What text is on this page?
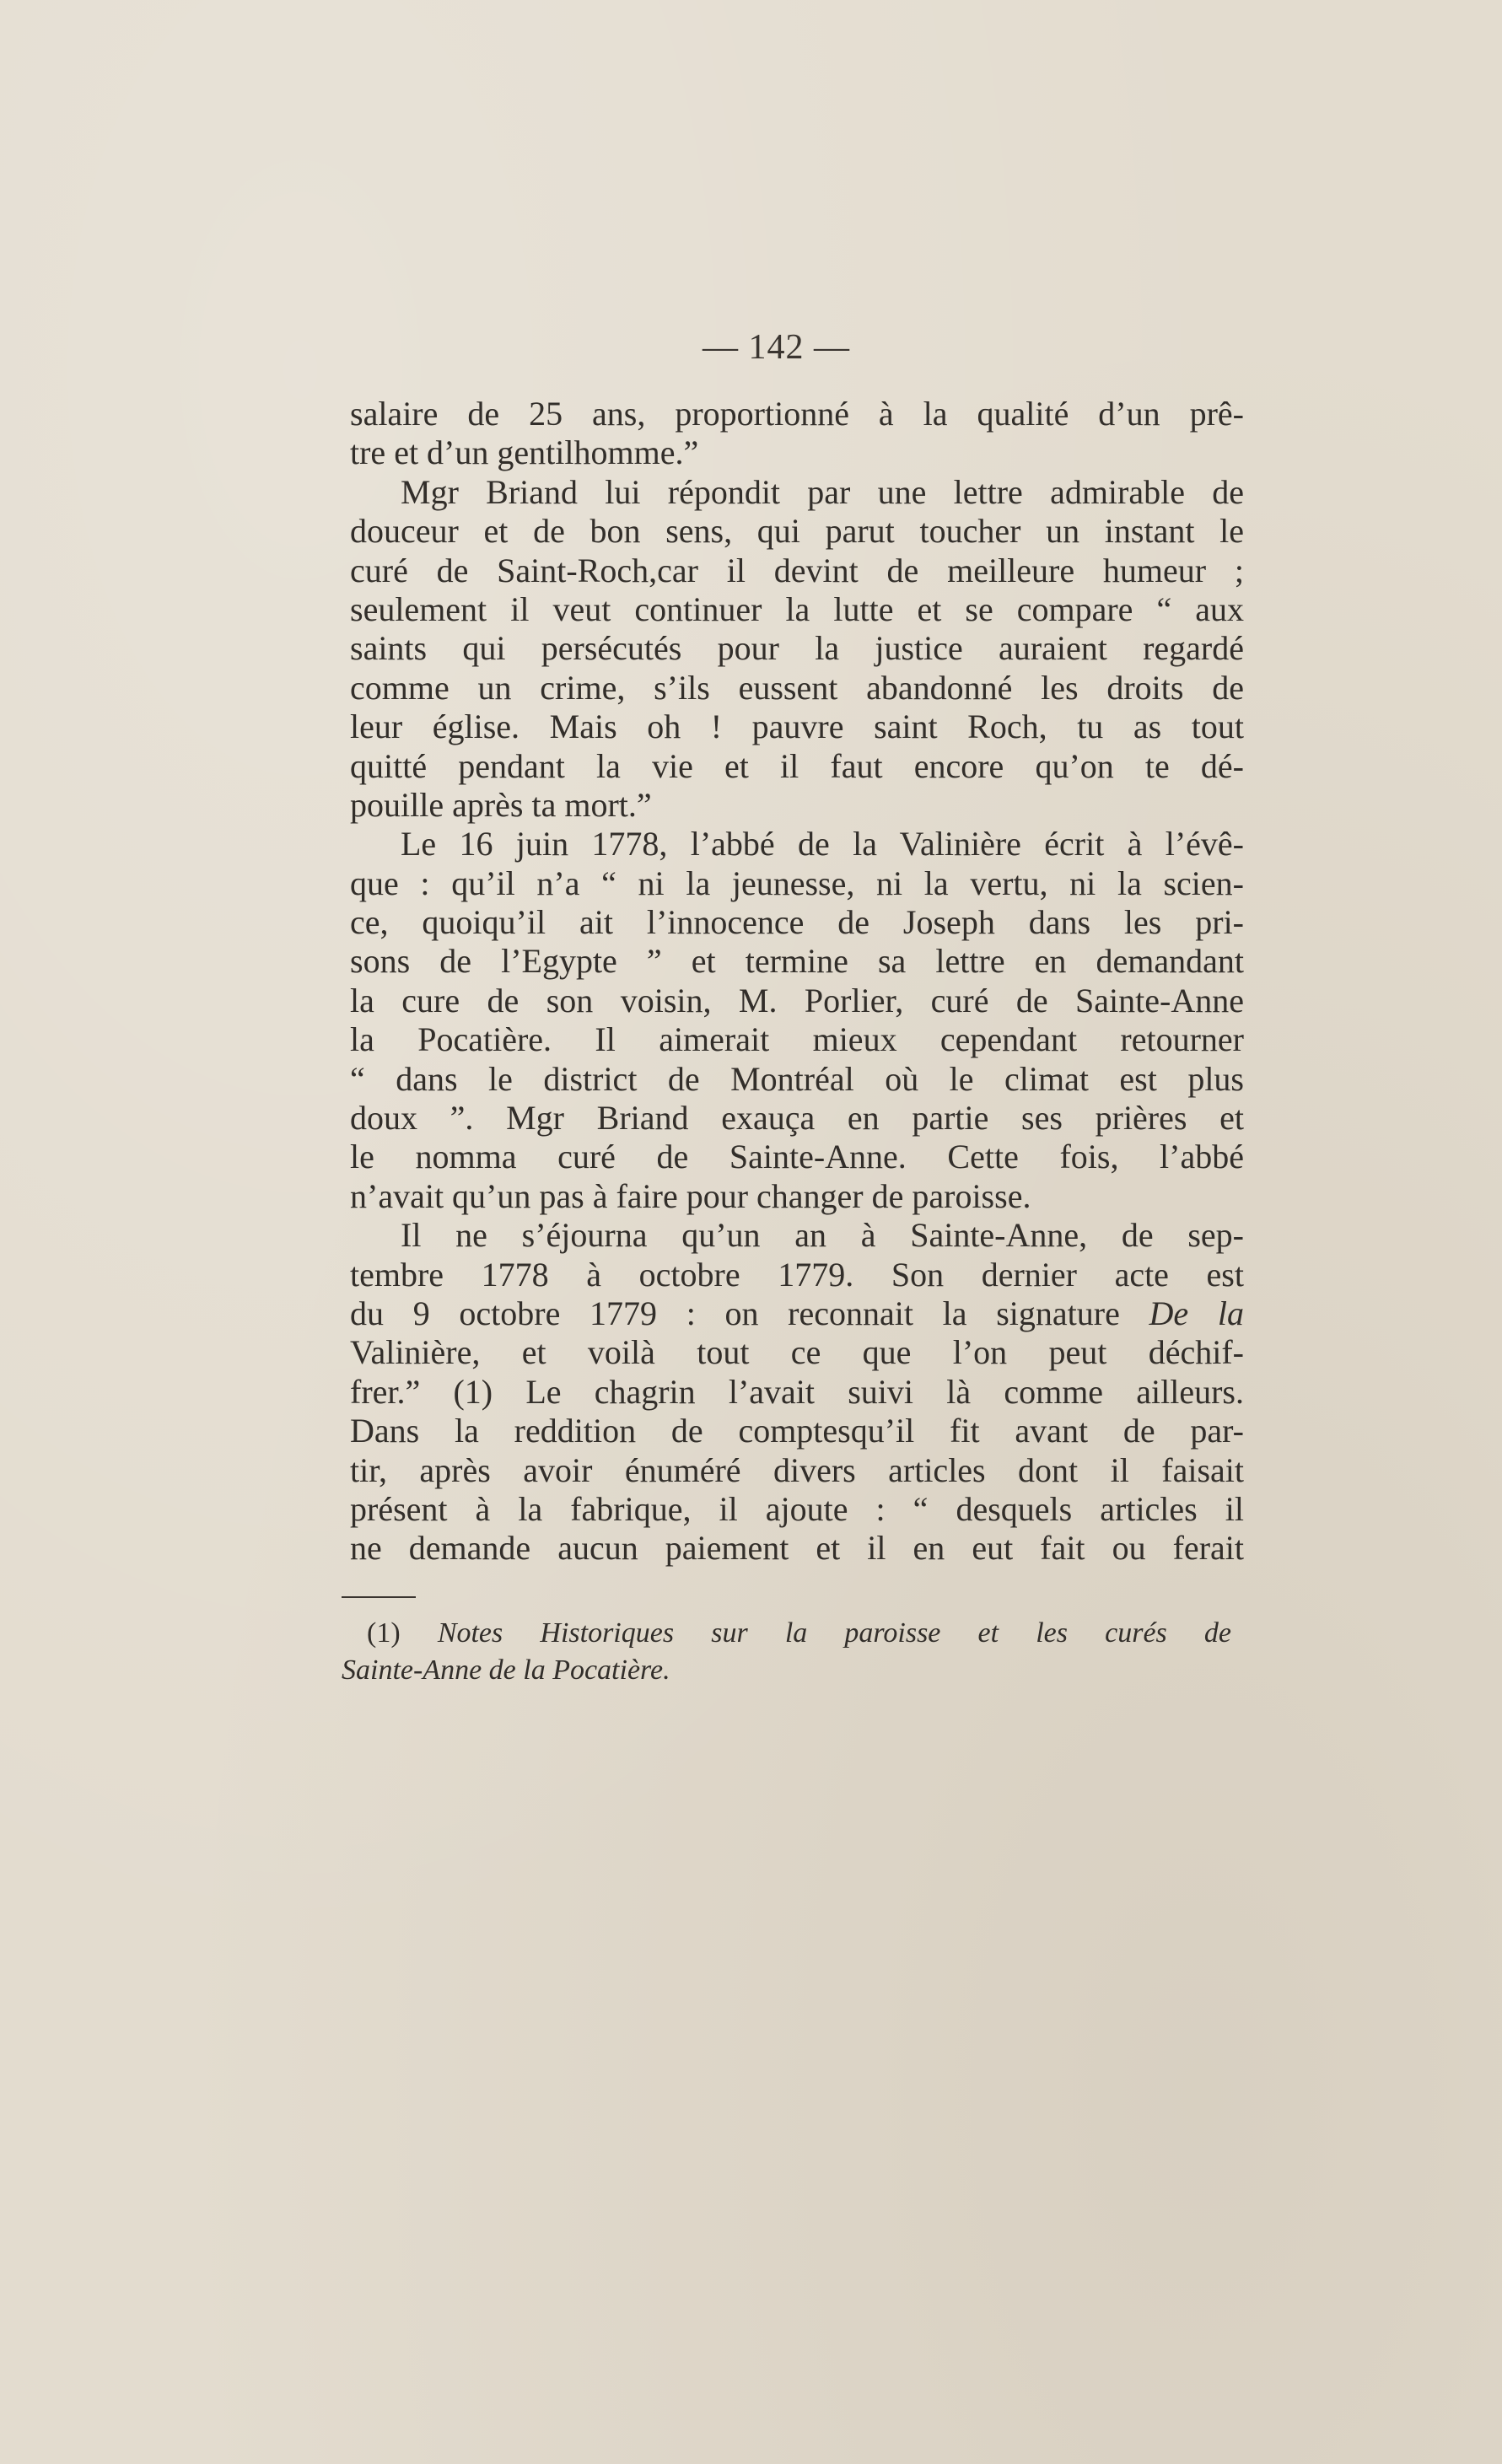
— 142 —
salaire de 25 ans, proportionné à la qualité d’un prê-
tre et d’un gentilhomme.”
Mgr Briand lui répondit par une lettre admirable de
douceur et de bon sens, qui parut toucher un instant le
curé de Saint-Roch,car il devint de meilleure humeur ;
seulement il veut continuer la lutte et se compare “ aux
saints qui persécutés pour la justice auraient regardé
comme un crime, s’ils eussent abandonné les droits de
leur église. Mais oh ! pauvre saint Roch, tu as tout
quitté pendant la vie et il faut encore qu’on te dé-
pouille après ta mort.”
Le 16 juin 1778, l’abbé de la Valinière écrit à l’évê-
que : qu’il n’a “ ni la jeunesse, ni la vertu, ni la scien-
ce, quoiqu’il ait l’innocence de Joseph dans les pri-
sons de l’Egypte ” et termine sa lettre en demandant
la cure de son voisin, M. Porlier, curé de Sainte-Anne
la Pocatière. Il aimerait mieux cependant retourner
“ dans le district de Montréal où le climat est plus
doux ”. Mgr Briand exauça en partie ses prières et
le nomma curé de Sainte-Anne. Cette fois, l’abbé
n’avait qu’un pas à faire pour changer de paroisse.
Il ne s’éjourna qu’un an à Sainte-Anne, de sep-
tembre 1778 à octobre 1779. Son dernier acte est
du 9 octobre 1779 : on reconnait la signature De la
Valinière, et voilà tout ce que l’on peut déchif-
frer.” (1) Le chagrin l’avait suivi là comme ailleurs.
Dans la reddition de comptesqu’il fit avant de par-
tir, après avoir énuméré divers articles dont il faisait
présent à la fabrique, il ajoute : “ desquels articles il
ne demande aucun paiement et il en eut fait ou ferait
(1) Notes Historiques sur la paroisse et les curés de
Sainte-Anne de la Pocatière.
